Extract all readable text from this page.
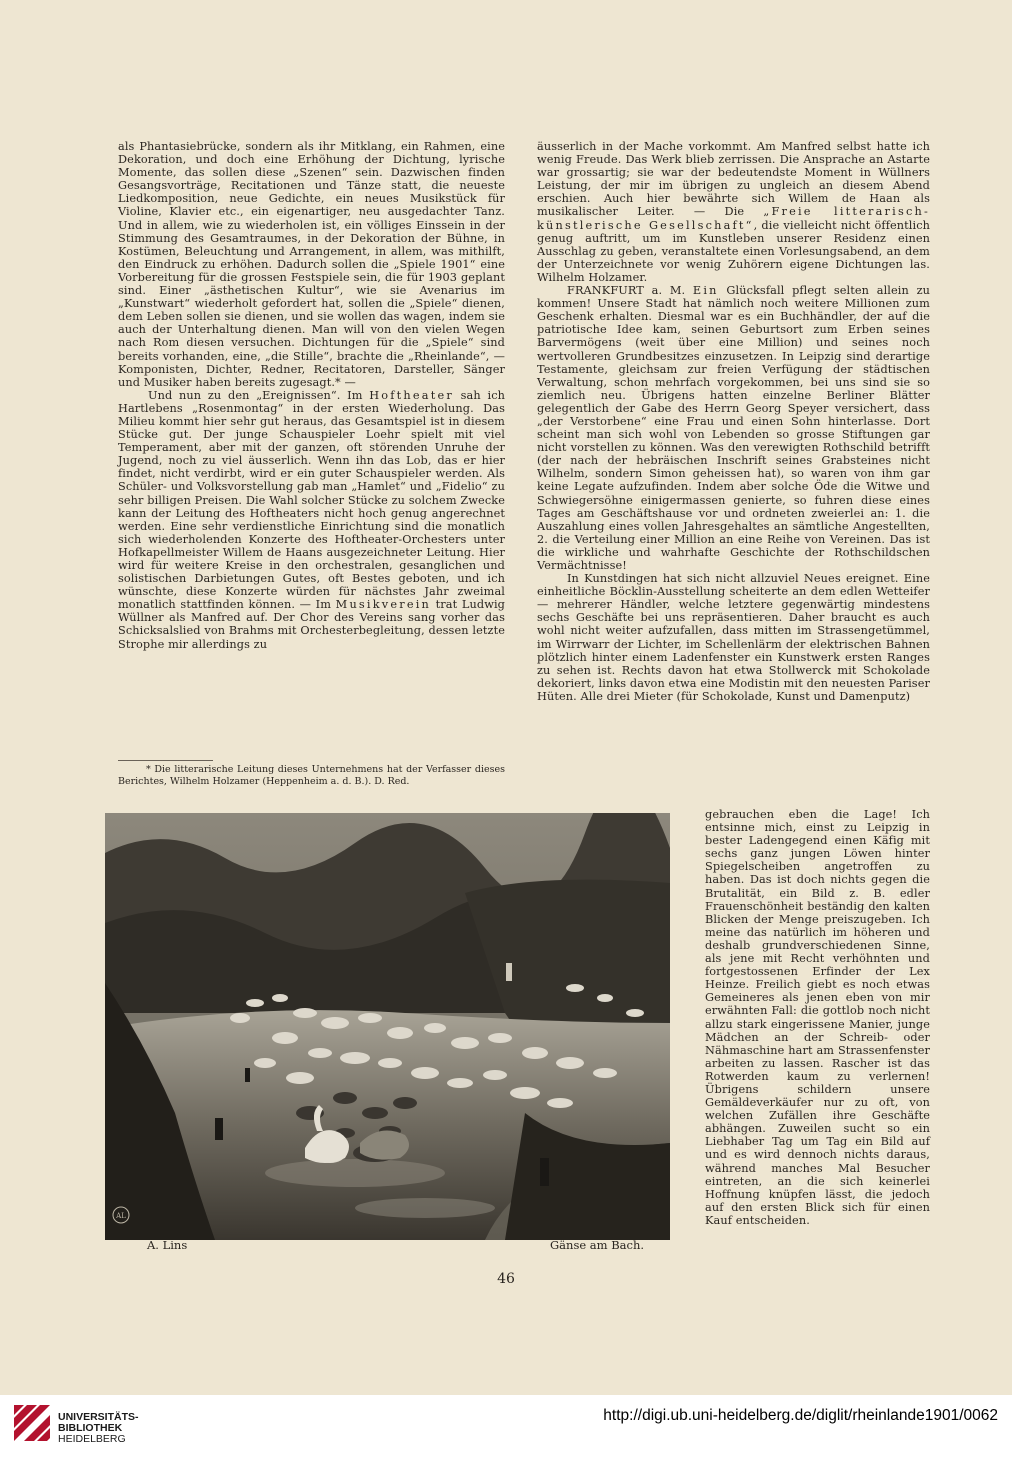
als Phantasiebrücke, sondern als ihr Mitklang, ein Rahmen, eine Dekoration, und doch eine Erhöhung der Dichtung, lyrische Momente, das sollen diese „Szenen“ sein. Dazwischen finden Gesangsvorträge, Recitationen und Tänze statt, die neueste Liedkomposition, neue Gedichte, ein neues Musikstück für Violine, Klavier etc., ein eigenartiger, neu ausgedachter Tanz. Und in allem, wie zu wiederholen ist, ein völliges Einssein in der Stimmung des Gesamtraumes, in der Dekoration der Bühne, in Kostümen, Beleuchtung und Arrangement, in allem, was mithilft, den Eindruck zu erhöhen. Dadurch sollen die „Spiele 1901“ eine Vorbereitung für die grossen Festspiele sein, die für 1903 geplant sind. Einer „ästhetischen Kultur“, wie sie Avenarius im „Kunstwart“ wiederholt gefordert hat, sollen die „Spiele“ dienen, dem Leben sollen sie dienen, und sie wollen das wagen, indem sie auch der Unterhaltung dienen. Man will von den vielen Wegen nach Rom diesen versuchen. Dichtungen für die „Spiele“ sind bereits vorhanden, eine, „die Stille“, brachte die „Rheinlande“, — Komponisten, Dichter, Redner, Recitatoren, Darsteller, Sänger und Musiker haben bereits zugesagt.* —

Und nun zu den „Ereignissen“. Im Hoftheater sah ich Hartlebens „Rosenmontag“ in der ersten Wiederholung. Das Milieu kommt hier sehr gut heraus, das Gesamtspiel ist in diesem Stücke gut. Der junge Schauspieler Loehr spielt mit viel Temperament, aber mit der ganzen, oft störenden Unruhe der Jugend, noch zu viel äusserlich. Wenn ihn das Lob, das er hier findet, nicht verdirbt, wird er ein guter Schauspieler werden. Als Schüler- und Volksvorstellung gab man „Hamlet“ und „Fidelio“ zu sehr billigen Preisen. Die Wahl solcher Stücke zu solchem Zwecke kann der Leitung des Hoftheaters nicht hoch genug angerechnet werden. Eine sehr verdienstliche Einrichtung sind die monatlich sich wiederholenden Konzerte des Hoftheater-Orchesters unter Hofkapellmeister Willem de Haans ausgezeichneter Leitung. Hier wird für weitere Kreise in den orchestralen, gesanglichen und solistischen Darbietungen Gutes, oft Bestes geboten, und ich wünschte, diese Konzerte würden für nächstes Jahr zweimal monatlich stattfinden können. — Im Musikverein trat Ludwig Wüllner als Manfred auf. Der Chor des Vereins sang vorher das Schicksalslied von Brahms mit Orchesterbegleitung, dessen letzte Strophe mir allerdings zu

* Die litterarische Leitung dieses Unternehmens hat der Verfasser dieses Berichtes, Wilhelm Holzamer (Heppenheim a. d. B.). D. Red.

äusserlich in der Mache vorkommt. Am Manfred selbst hatte ich wenig Freude. Das Werk blieb zerrissen. Die Ansprache an Astarte war grossartig; sie war der bedeutendste Moment in Wüllners Leistung, der mir im übrigen zu ungleich an diesem Abend erschien. Auch hier bewährte sich Willem de Haan als musikalischer Leiter. — Die „Freie litterarisch-künstlerische Gesellschaft“, die vielleicht nicht öffentlich genug auftritt, um im Kunstleben unserer Residenz einen Ausschlag zu geben, veranstaltete einen Vorlesungsabend, an dem der Unterzeichnete vor wenig Zuhörern eigene Dichtungen las. Wilhelm Holzamer.

FRANKFURT a. M. Ein Glücksfall pflegt selten allein zu kommen! Unsere Stadt hat nämlich noch weitere Millionen zum Geschenk erhalten. Diesmal war es ein Buchhändler, der auf die patriotische Idee kam, seinen Geburtsort zum Erben seines Barvermögens (weit über eine Million) und seines noch wertvolleren Grundbesitzes einzusetzen. In Leipzig sind derartige Testamente, gleichsam zur freien Verfügung der städtischen Verwaltung, schon mehrfach vorgekommen, bei uns sind sie so ziemlich neu. Übrigens hatten einzelne Berliner Blätter gelegentlich der Gabe des Herrn Georg Speyer versichert, dass „der Verstorbene“ eine Frau und einen Sohn hinterlasse. Dort scheint man sich wohl von Lebenden so grosse Stiftungen gar nicht vorstellen zu können. Was den verewigten Rothschild betrifft (der nach der hebräischen Inschrift seines Grabsteines nicht Wilhelm, sondern Simon geheissen hat), so waren von ihm gar keine Legate aufzufinden. Indem aber solche Öde die Witwe und Schwiegersöhne einigermassen genierte, so fuhren diese eines Tages am Geschäftshause vor und ordneten zweierlei an: 1. die Auszahlung eines vollen Jahresgehaltes an sämtliche Angestellten, 2. die Verteilung einer Million an eine Reihe von Vereinen. Das ist die wirkliche und wahrhafte Geschichte der Rothschildschen Vermächtnisse!

In Kunstdingen hat sich nicht allzuviel Neues ereignet. Eine einheitliche Böcklin-Ausstellung scheiterte an dem edlen Wetteifer — mehrerer Händler, welche letztere gegenwärtig mindestens sechs Geschäfte bei uns repräsentieren. Daher braucht es auch wohl nicht weiter aufzufallen, dass mitten im Strassengetümmel, im Wirrwarr der Lichter, im Schellenlärm der elektrischen Bahnen plötzlich hinter einem Ladenfenster ein Kunstwerk ersten Ranges zu sehen ist. Rechts davon hat etwa Stollwerck mit Schokolade dekoriert, links davon etwa eine Modistin mit den neuesten Pariser Hüten. Alle drei Mieter (für Schokolade, Kunst und Damenputz)

gebrauchen eben die Lage! Ich entsinne mich, einst zu Leipzig in bester Ladengegend einen Käfig mit sechs ganz jungen Löwen hinter Spiegelscheiben angetroffen zu haben. Das ist doch nichts gegen die Brutalität, ein Bild z. B. edler Frauenschönheit beständig den kalten Blicken der Menge preiszugeben. Ich meine das natürlich im höheren und deshalb grundverschiedenen Sinne, als jene mit Recht verhöhnten und fortgestossenen Erfinder der Lex Heinze. Freilich giebt es noch etwas Gemeineres als jenen eben von mir erwähnten Fall: die gottlob noch nicht allzu stark eingerissene Manier, junge Mädchen an der Schreib- oder Nähmaschine hart am Strassenfenster arbeiten zu lassen. Rascher ist das Rotwerden kaum zu verlernen! Übrigens schildern unsere Gemäldeverkäufer nur zu oft, von welchen Zufällen ihre Geschäfte abhängen. Zuweilen sucht so ein Liebhaber Tag um Tag ein Bild auf und es wird dennoch nichts daraus, während manches Mal Besucher eintreten, an die sich keinerlei Hoffnung knüpfen lässt, die jedoch auf den ersten Blick sich für einen Kauf entscheiden.

AL
A. Lins	Gänse am Bach.
46
UNIVERSITÄTS-
BIBLIOTHEK
HEIDELBERG
http://digi.ub.uni-heidelberg.de/diglit/rheinlande1901/0062
